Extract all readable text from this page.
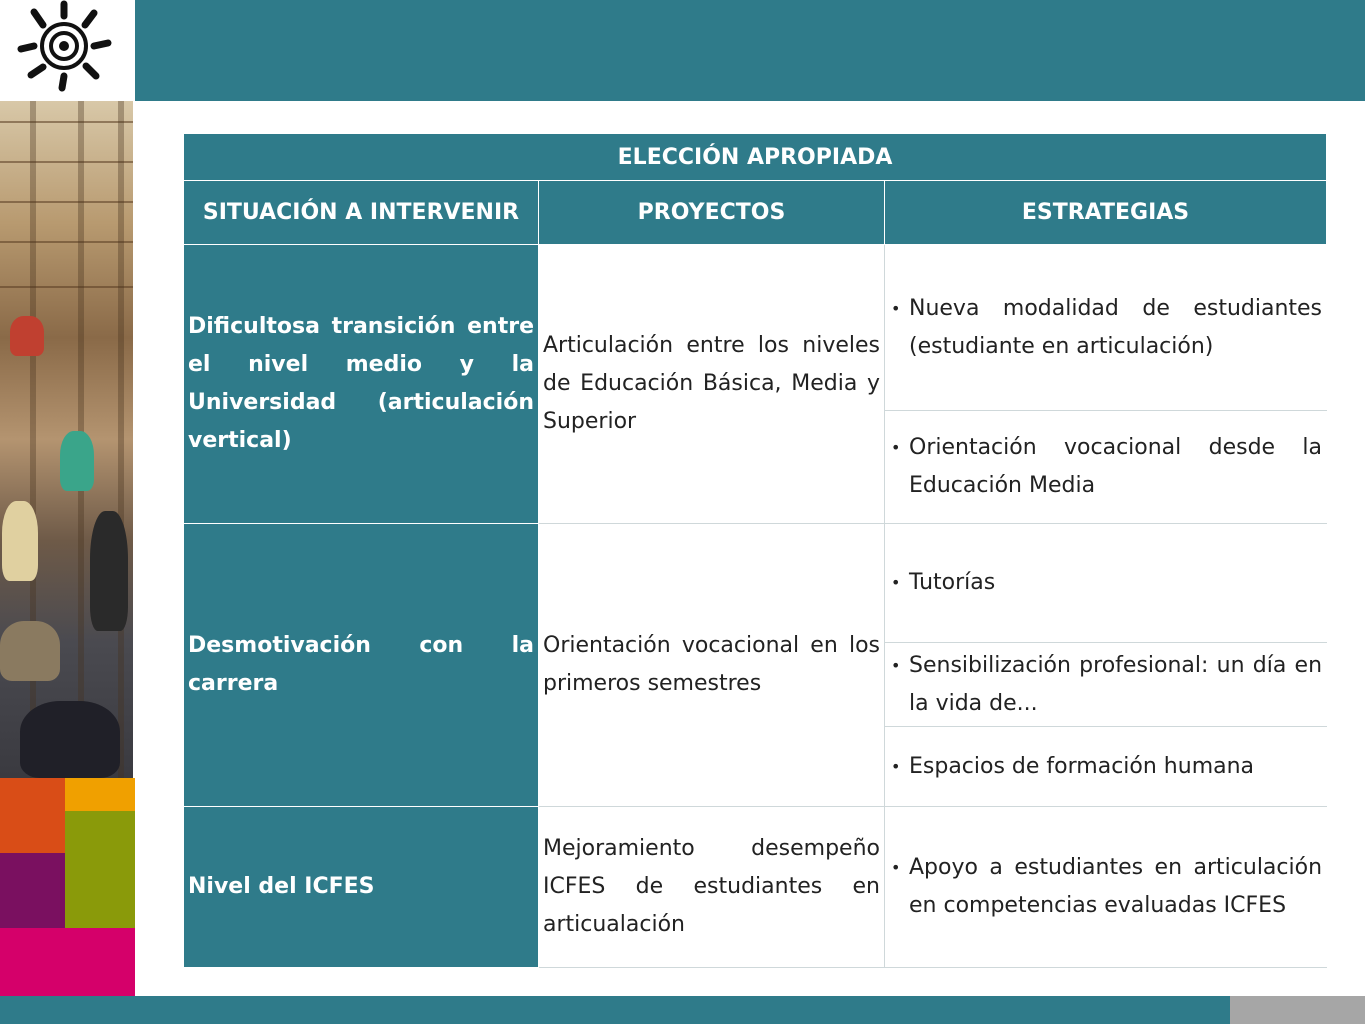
ELECCIÓN APROPIADA		
SITUACIÓN A INTERVENIR	PROYECTOS	ESTRATEGIAS
Dificultosa transición entre el nivel medio y la Universidad (articulación vertical)	Articulación entre los niveles de Educación Básica, Media y Superior	• Nueva modalidad de estudiantes (estudiante en articulación)

		• Orientación vocacional desde la Educación Media

Desmotivación con la carrera	Orientación vocacional en los primeros semestres	• Tutorías

		• Sensibilización profesional: un día en la vida de...

		• Espacios de formación humana

Nivel del ICFES	Mejoramiento desempeño ICFES de estudiantes en articualación	• Apoyo a estudiantes en articulación en competencias evaluadas ICFES
